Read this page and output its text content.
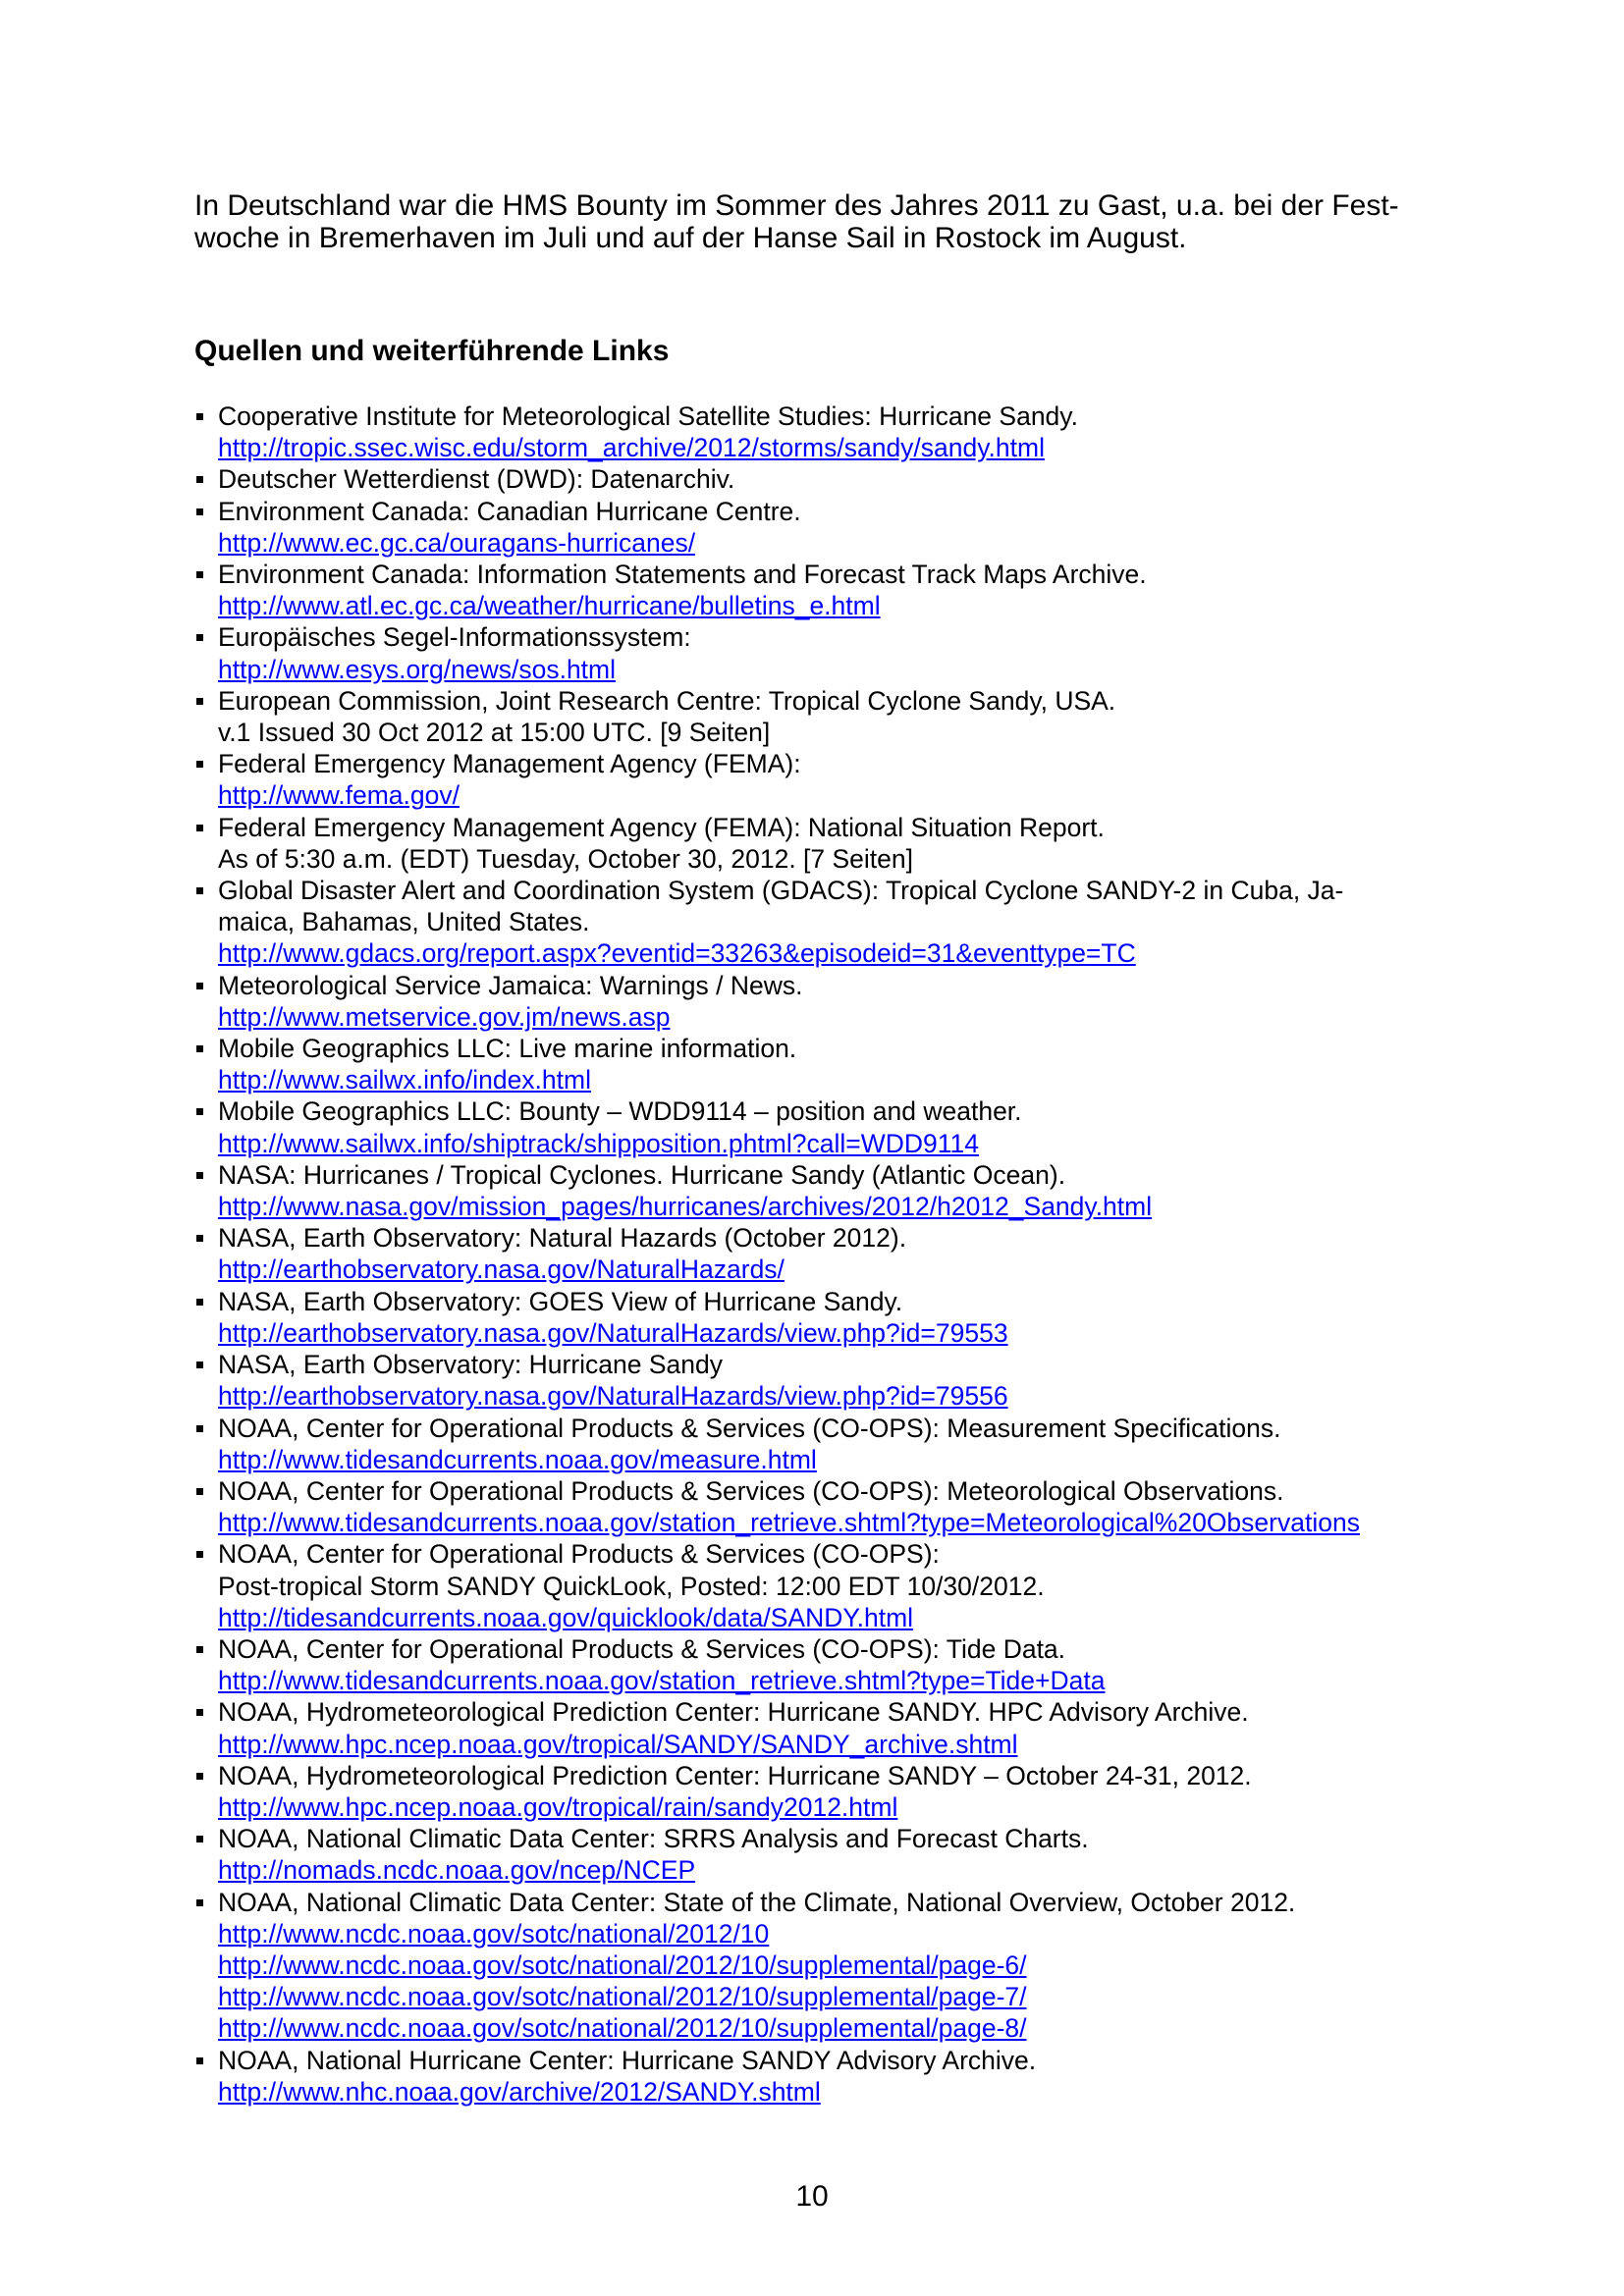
In Deutschland war die HMS Bounty im Sommer des Jahres 2011 zu Gast, u.a. bei der Fest-

woche in Bremerhaven im Juli und auf der Hanse Sail in Rostock im August.

Quellen und weiterführende Links
Cooperative Institute for Meteorological Satellite Studies: Hurricane Sandy.
http://tropic.ssec.wisc.edu/storm_archive/2012/storms/sandy/sandy.html
Deutscher Wetterdienst (DWD): Datenarchiv.
Environment Canada: Canadian Hurricane Centre.
http://www.ec.gc.ca/ouragans-hurricanes/
Environment Canada: Information Statements and Forecast Track Maps Archive.
http://www.atl.ec.gc.ca/weather/hurricane/bulletins_e.html
Europäisches Segel-Informationssystem:
http://www.esys.org/news/sos.html
European Commission, Joint Research Centre: Tropical Cyclone Sandy, USA.
v.1 Issued 30 Oct 2012 at 15:00 UTC. [9 Seiten]
Federal Emergency Management Agency (FEMA):
http://www.fema.gov/
Federal Emergency Management Agency (FEMA): National Situation Report.
As of 5:30 a.m. (EDT) Tuesday, October 30, 2012. [7 Seiten]
Global Disaster Alert and Coordination System (GDACS): Tropical Cyclone SANDY-2 in Cuba, Ja-
maica, Bahamas, United States.
http://www.gdacs.org/report.aspx?eventid=33263&episodeid=31&eventtype=TC
Meteorological Service Jamaica: Warnings / News.
http://www.metservice.gov.jm/news.asp
Mobile Geographics LLC: Live marine information.
http://www.sailwx.info/index.html
Mobile Geographics LLC: Bounty – WDD9114 – position and weather.
http://www.sailwx.info/shiptrack/shipposition.phtml?call=WDD9114
NASA: Hurricanes / Tropical Cyclones. Hurricane Sandy (Atlantic Ocean).
http://www.nasa.gov/mission_pages/hurricanes/archives/2012/h2012_Sandy.html
NASA, Earth Observatory: Natural Hazards (October 2012).
http://earthobservatory.nasa.gov/NaturalHazards/
NASA, Earth Observatory: GOES View of Hurricane Sandy.
http://earthobservatory.nasa.gov/NaturalHazards/view.php?id=79553
NASA, Earth Observatory: Hurricane Sandy
http://earthobservatory.nasa.gov/NaturalHazards/view.php?id=79556
NOAA, Center for Operational Products & Services (CO-OPS): Measurement Specifications.
http://www.tidesandcurrents.noaa.gov/measure.html
NOAA, Center for Operational Products & Services (CO-OPS): Meteorological Observations.
http://www.tidesandcurrents.noaa.gov/station_retrieve.shtml?type=Meteorological%20Observations
NOAA, Center for Operational Products & Services (CO-OPS):
Post-tropical Storm SANDY QuickLook, Posted: 12:00 EDT 10/30/2012.
http://tidesandcurrents.noaa.gov/quicklook/data/SANDY.html
NOAA, Center for Operational Products & Services (CO-OPS): Tide Data.
http://www.tidesandcurrents.noaa.gov/station_retrieve.shtml?type=Tide+Data
NOAA, Hydrometeorological Prediction Center: Hurricane SANDY. HPC Advisory Archive.
http://www.hpc.ncep.noaa.gov/tropical/SANDY/SANDY_archive.shtml
NOAA, Hydrometeorological Prediction Center: Hurricane SANDY – October 24-31, 2012.
http://www.hpc.ncep.noaa.gov/tropical/rain/sandy2012.html
NOAA, National Climatic Data Center: SRRS Analysis and Forecast Charts.
http://nomads.ncdc.noaa.gov/ncep/NCEP
NOAA, National Climatic Data Center: State of the Climate, National Overview, October 2012.
http://www.ncdc.noaa.gov/sotc/national/2012/10
http://www.ncdc.noaa.gov/sotc/national/2012/10/supplemental/page-6/
http://www.ncdc.noaa.gov/sotc/national/2012/10/supplemental/page-7/
http://www.ncdc.noaa.gov/sotc/national/2012/10/supplemental/page-8/
NOAA, National Hurricane Center: Hurricane SANDY Advisory Archive.
http://www.nhc.noaa.gov/archive/2012/SANDY.shtml
10
